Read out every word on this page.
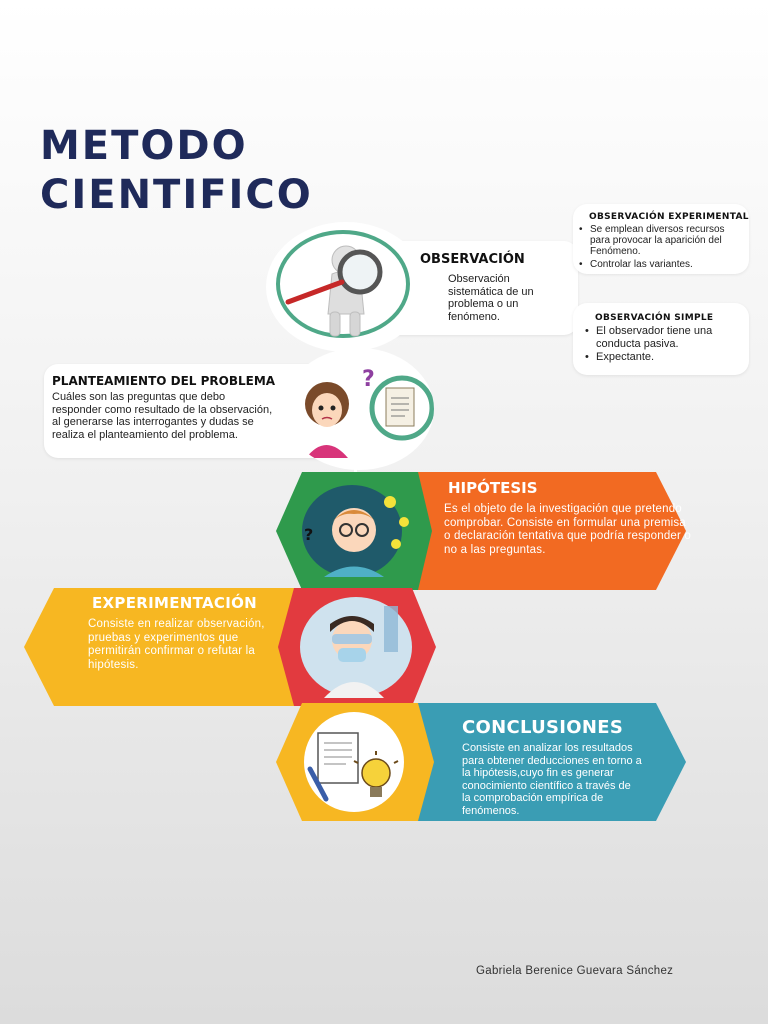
METODO
CIENTIFICO
OBSERVACIÓN
Observación sistemática de un problema o un fenómeno.
OBSERVACIÓN EXPERIMENTAL
• Se emplean diversos recursos para provocar la aparición del Fenómeno.
• Controlar las variantes.
OBSERVACIÓN SIMPLE
• El observador tiene una conducta pasiva.
• Expectante.
?
PLANTEAMIENTO DEL PROBLEMA
Cuáles son las preguntas que debo responder como resultado de la observación, al generarse las interrogantes y dudas se realiza el planteamiento del problema.
?
HIPÓTESIS
Es el objeto de la investigación que pretendo comprobar. Consiste en formular una premisa o declaración tentativa que podría responder o no a las preguntas.
EXPERIMENTACIÓN
Consiste en realizar observación, pruebas y experimentos que permitirán confirmar o refutar la hipótesis.
CONCLUSIONES
Consiste en analizar los resultados para obtener deducciones en torno a la hipótesis,cuyo fin es generar conocimiento científico a través de la comprobación empírica de fenómenos.
Gabriela Berenice Guevara Sánchez
